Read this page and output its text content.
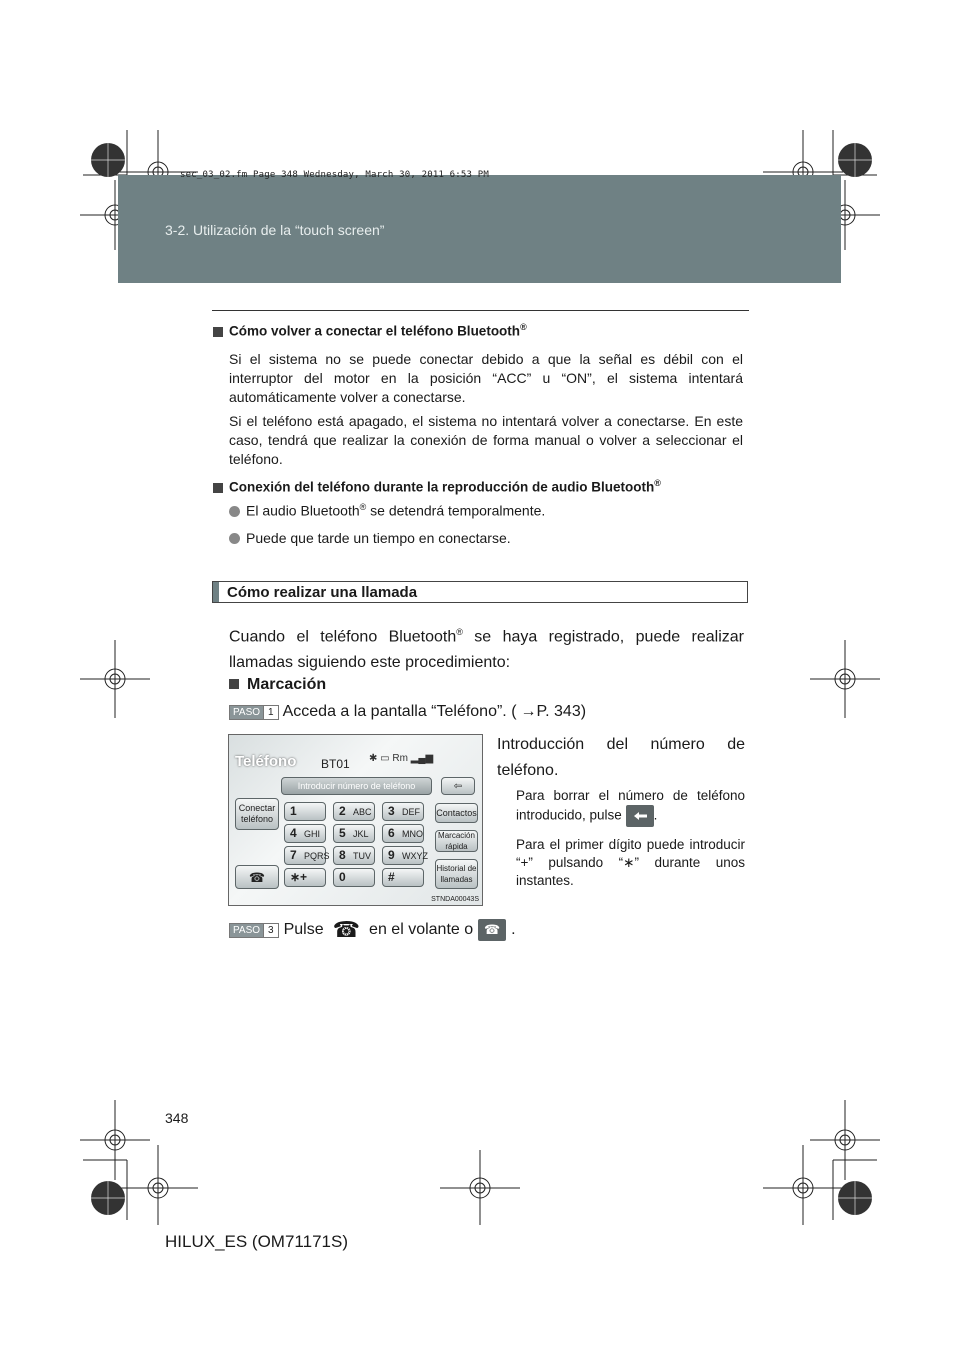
sec_03_02.fm Page 348 Wednesday, March 30, 2011 6:53 PM
3-2. Utilización de la “touch screen”
Cómo volver a conectar el teléfono Bluetooth®
Si el sistema no se puede conectar debido a que la señal es débil con el interruptor del motor en la posición “ACC” u “ON”, el sistema intentará automáticamente volver a conectarse.
Si el teléfono está apagado, el sistema no intentará volver a conectarse. En este caso, tendrá que realizar la conexión de forma manual o volver a seleccionar el teléfono.
Conexión del teléfono durante la reproducción de audio Bluetooth®
El audio Bluetooth® se detendrá temporalmente.
Puede que tarde un tiempo en conectarse.
Cómo realizar una llamada
Cuando el teléfono Bluetooth® se haya registrado, puede realizar llamadas siguiendo este procedimiento:
Marcación
PASO 1 Acceda a la pantalla “Teléfono”. ( → P. 343)
Teléfono BT01 ✱ ▭ Rm ▂▄▆
Introducir número de teléfono	⇦
Conectar teléfono
Contactos
Marcación rápida
Historial de llamadas
☎
1	2 ABC 3 DEF
4 GHI 5 JKL 6 MNO
7 PQRS 8 TUV 9 WXYZ
∗+	0	#
STNDA00043S
Introducción del número de teléfono.
Para borrar el número de teléfono introducido, pulse .
Para el primer dígito puede introducir “+” pulsando “∗” durante unos instantes.
PASO 3 Pulse ☎ en el volante o ☎ .
348
HILUX_ES (OM71171S)
